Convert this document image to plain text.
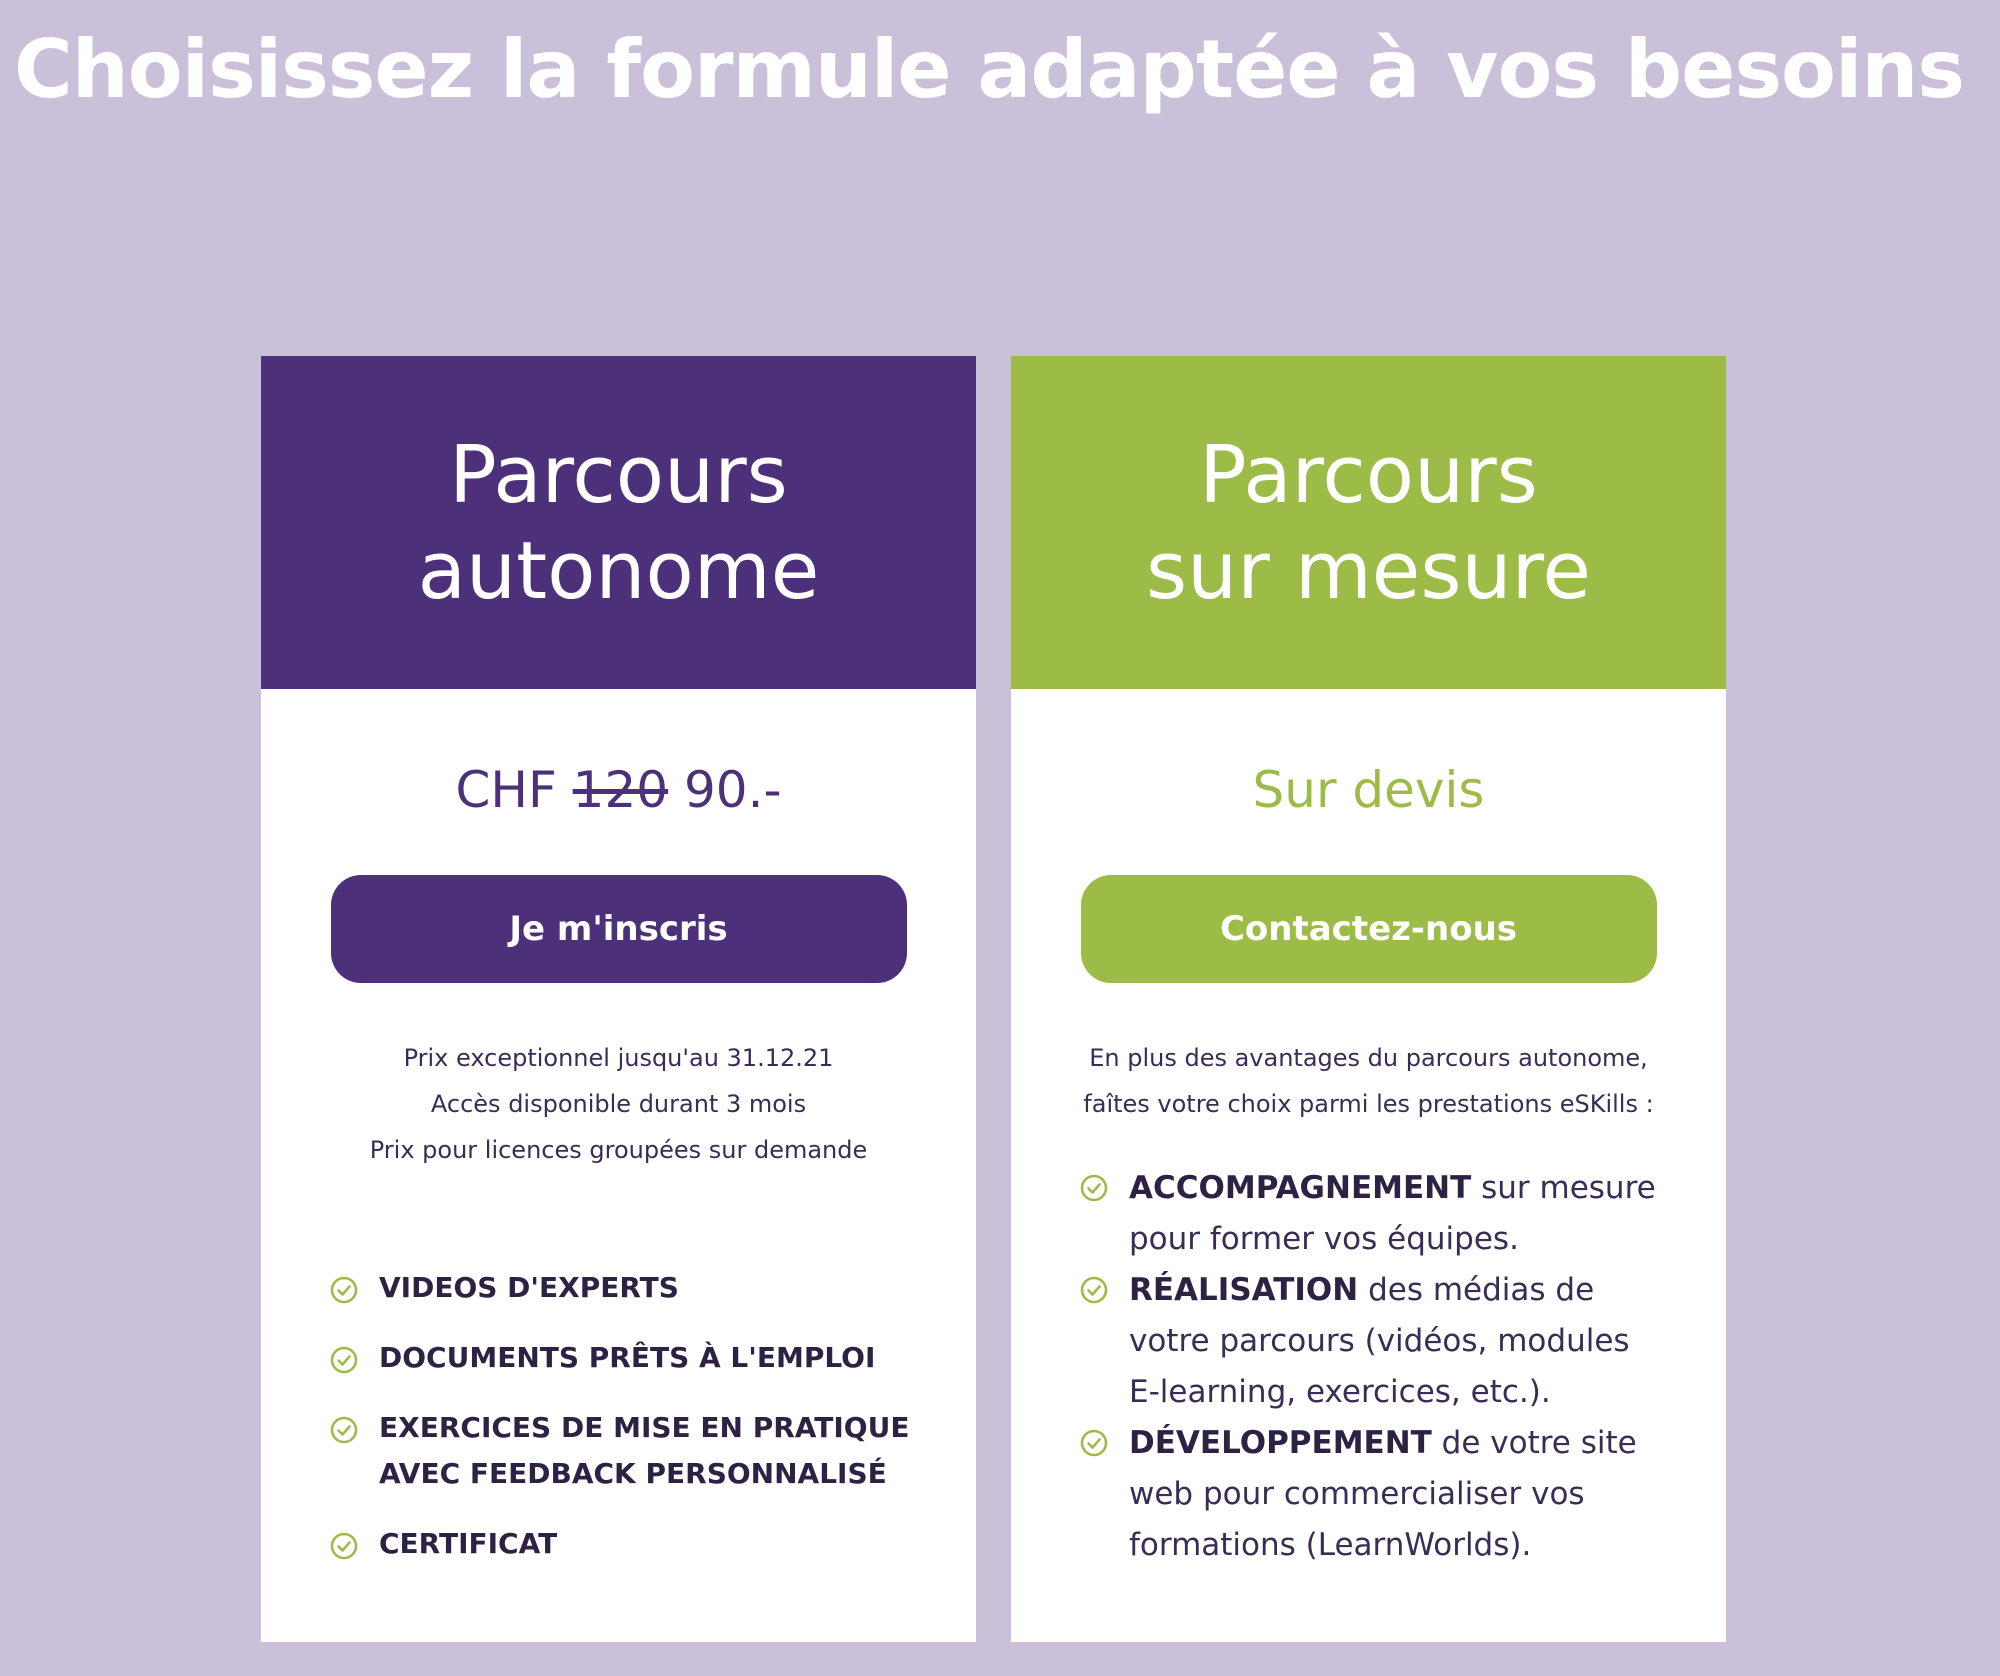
Choisissez la formule adaptée à vos besoins
Parcours
autonome
CHF 120 90.-
Je m'inscris
Prix exceptionnel jusqu'au 31.12.21
Accès disponible durant 3 mois
Prix pour licences groupées sur demande
VIDEOS D'EXPERTS
DOCUMENTS PRÊTS À L'EMPLOI
EXERCICES DE MISE EN PRATIQUE AVEC FEEDBACK PERSONNALISÉ
CERTIFICAT
Parcours
sur mesure
Sur devis
Contactez-nous
En plus des avantages du parcours autonome,
faîtes votre choix parmi les prestations eSKills :
ACCOMPAGNEMENT sur mesure pour former vos équipes.
RÉALISATION des médias de votre parcours (vidéos, modules E-learning, exercices, etc.).
DÉVELOPPEMENT de votre site web pour commercialiser vos formations (LearnWorlds).
